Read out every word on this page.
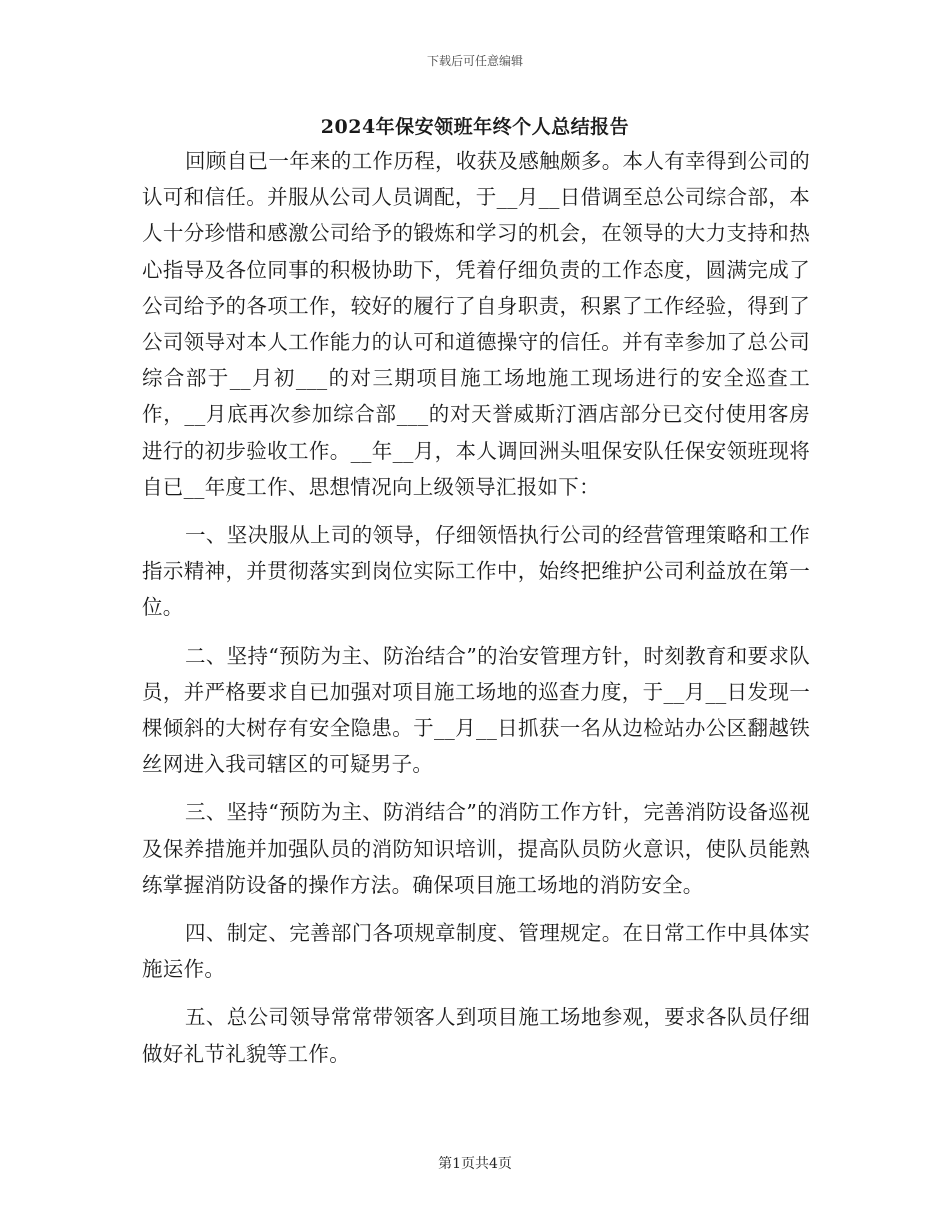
下载后可任意编辑
2024年保安领班年终个人总结报告

回顾自已一年来的工作历程，收获及感触颇多。本人有幸得到公司的认可和信任。并服从公司人员调配，于__月__日借调至总公司综合部，本人十分珍惜和感激公司给予的锻炼和学习的机会，在领导的大力支持和热心指导及各位同事的积极协助下，凭着仔细负责的工作态度，圆满完成了公司给予的各项工作，较好的履行了自身职责，积累了工作经验，得到了公司领导对本人工作能力的认可和道德操守的信任。并有幸参加了总公司综合部于__月初___的对三期项目施工场地施工现场进行的安全巡查工作，__月底再次参加综合部___的对天誉威斯汀酒店部分已交付使用客房进行的初步验收工作。__年__月，本人调回洲头咀保安队任保安领班现将自已__年度工作、思想情况向上级领导汇报如下：

一、坚决服从上司的领导，仔细领悟执行公司的经营管理策略和工作指示精神，并贯彻落实到岗位实际工作中，始终把维护公司利益放在第一位。

二、坚持“预防为主、防治结合”的治安管理方针，时刻教育和要求队员，并严格要求自已加强对项目施工场地的巡查力度，于__月__日发现一棵倾斜的大树存有安全隐患。于__月__日抓获一名从边检站办公区翻越铁丝网进入我司辖区的可疑男子。

三、坚持“预防为主、防消结合”的消防工作方针，完善消防设备巡视及保养措施并加强队员的消防知识培训，提高队员防火意识，使队员能熟练掌握消防设备的操作方法。确保项目施工场地的消防安全。

四、制定、完善部门各项规章制度、管理规定。在日常工作中具体实施运作。

五、总公司领导常常带领客人到项目施工场地参观，要求各队员仔细做好礼节礼貌等工作。

第1页共4页
